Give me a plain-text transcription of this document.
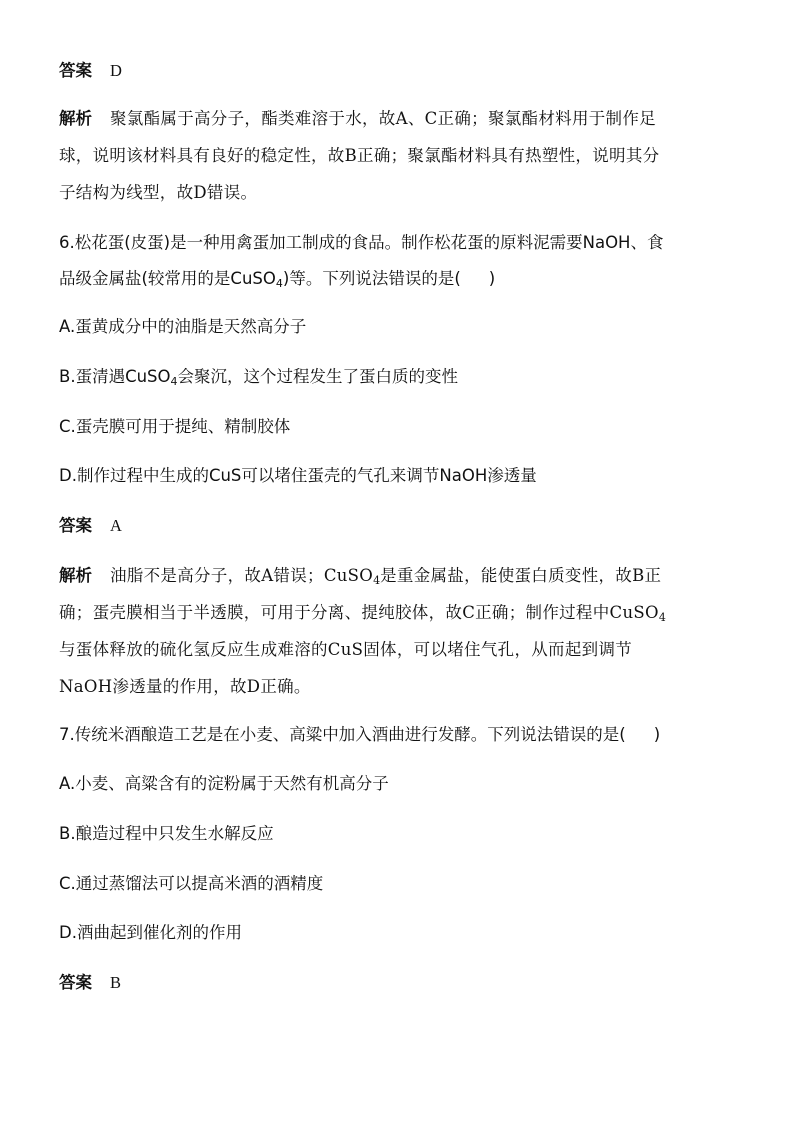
答案 D
解析 聚氯酯属于高分子，酯类难溶于水，故A、C正确；聚氯酯材料用于制作足
球，说明该材料具有良好的稳定性，故B正确；聚氯酯材料具有热塑性，说明其分
子结构为线型，故D错误。
6.松花蛋(皮蛋)是一种用禽蛋加工制成的食品。制作松花蛋的原料泥需要NaOH、食
品级金属盐(较常用的是CuSO$_4$)等。下列说法错误的是( )
A.蛋黄成分中的油脂是天然高分子
B.蛋清遇CuSO$_4$会聚沉，这个过程发生了蛋白质的变性
C.蛋壳膜可用于提纯、精制胶体
D.制作过程中生成的CuS可以堵住蛋壳的气孔来调节NaOH渗透量
答案 A
解析 油脂不是高分子，故A错误；CuSO$_4$是重金属盐，能使蛋白质变性，故B正
确；蛋壳膜相当于半透膜，可用于分离、提纯胶体，故C正确；制作过程中CuSO$_4$
与蛋体释放的硫化氢反应生成难溶的CuS固体，可以堵住气孔，从而起到调节
NaOH渗透量的作用，故D正确。
7.传统米酒酿造工艺是在小麦、高粱中加入酒曲进行发酵。下列说法错误的是( )
A.小麦、高粱含有的淀粉属于天然有机高分子
B.酿造过程中只发生水解反应
C.通过蒸馏法可以提高米酒的酒精度
D.酒曲起到催化剂的作用
答案 B
